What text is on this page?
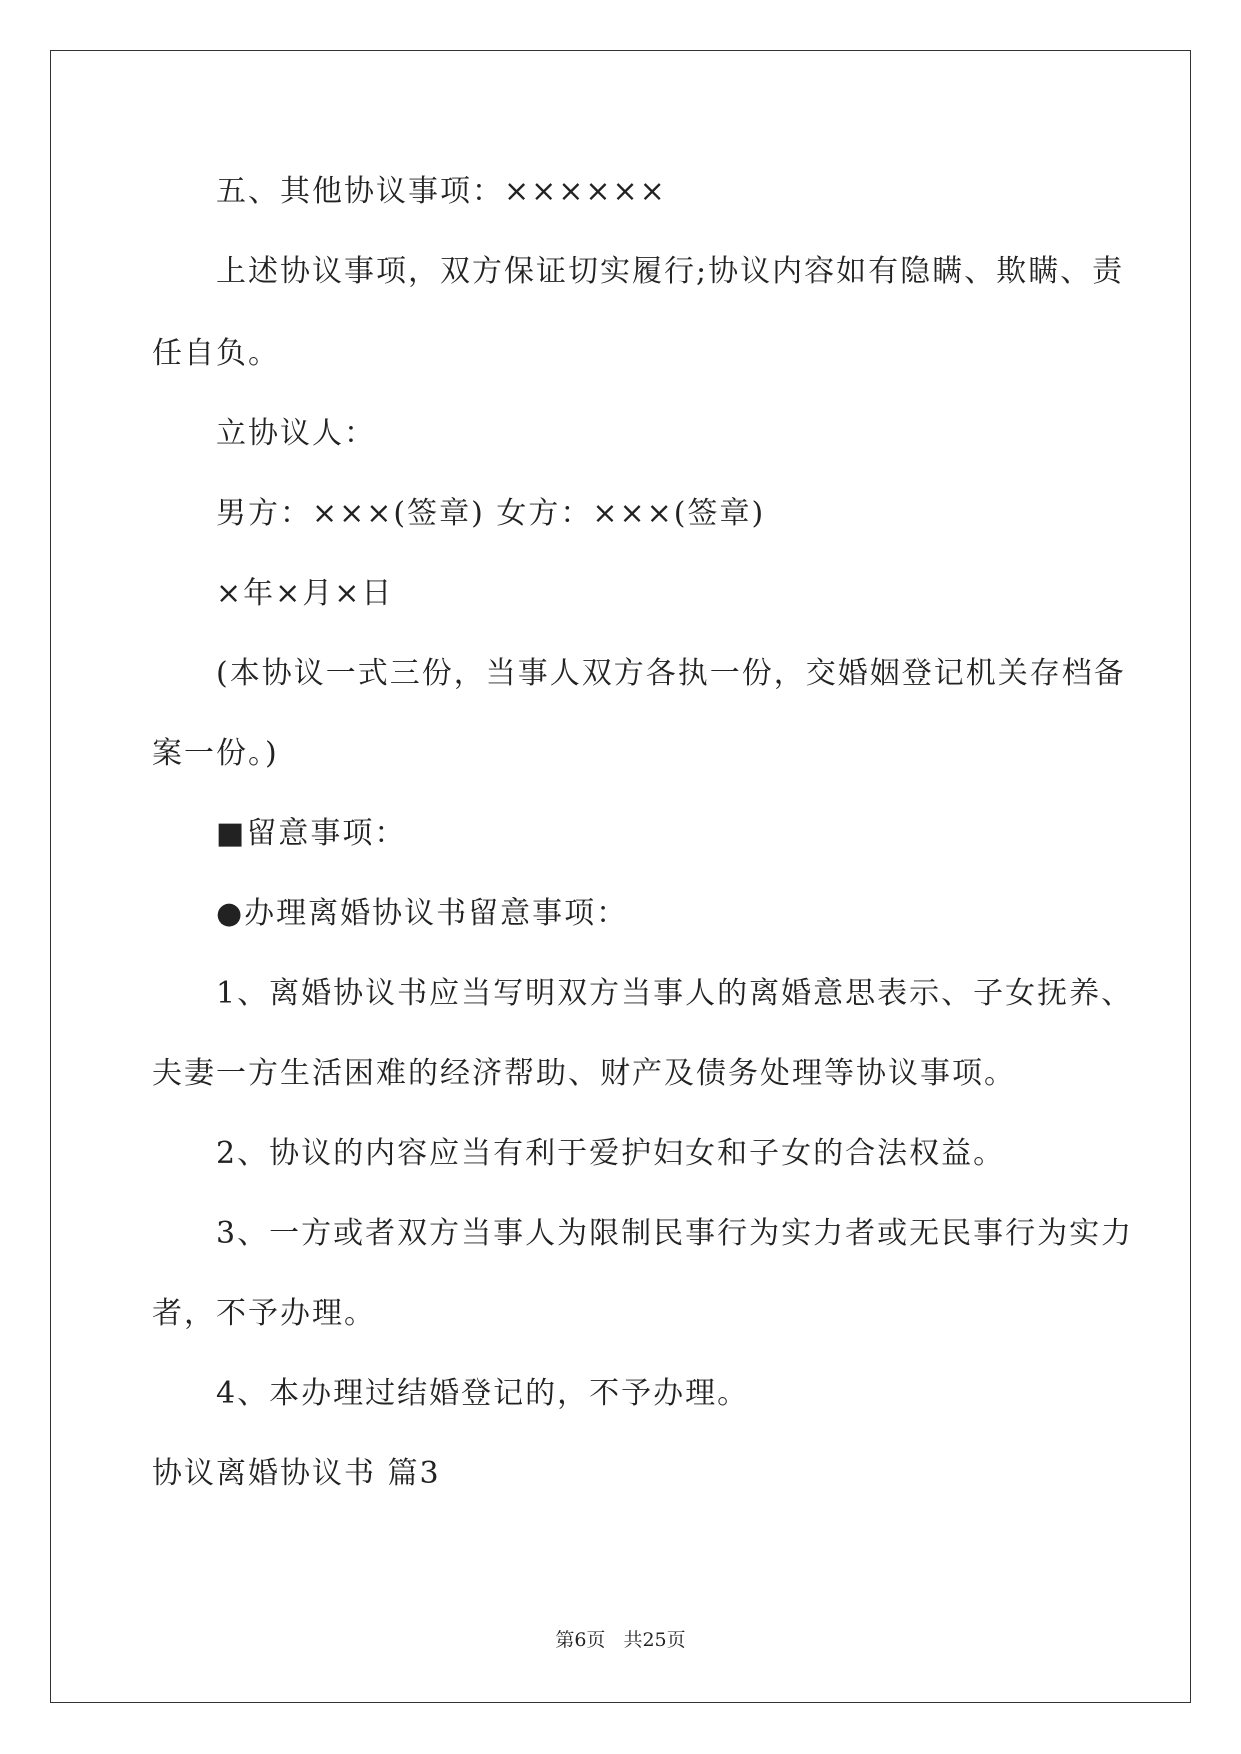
五、其他协议事项：××××××
上述协议事项，双方保证切实履行;协议内容如有隐瞒、欺瞒、责
任自负。
立协议人：
男方：×××(签章) 女方：×××(签章)
×年×月×日
(本协议一式三份，当事人双方各执一份，交婚姻登记机关存档备
案一份。)
■留意事项：
●办理离婚协议书留意事项：
1、离婚协议书应当写明双方当事人的离婚意思表示、子女抚养、
夫妻一方生活困难的经济帮助、财产及债务处理等协议事项。
2、协议的内容应当有利于爱护妇女和子女的合法权益。
3、一方或者双方当事人为限制民事行为实力者或无民事行为实力
者，不予办理。
4、本办理过结婚登记的，不予办理。
协议离婚协议书 篇3
第6页 共25页
